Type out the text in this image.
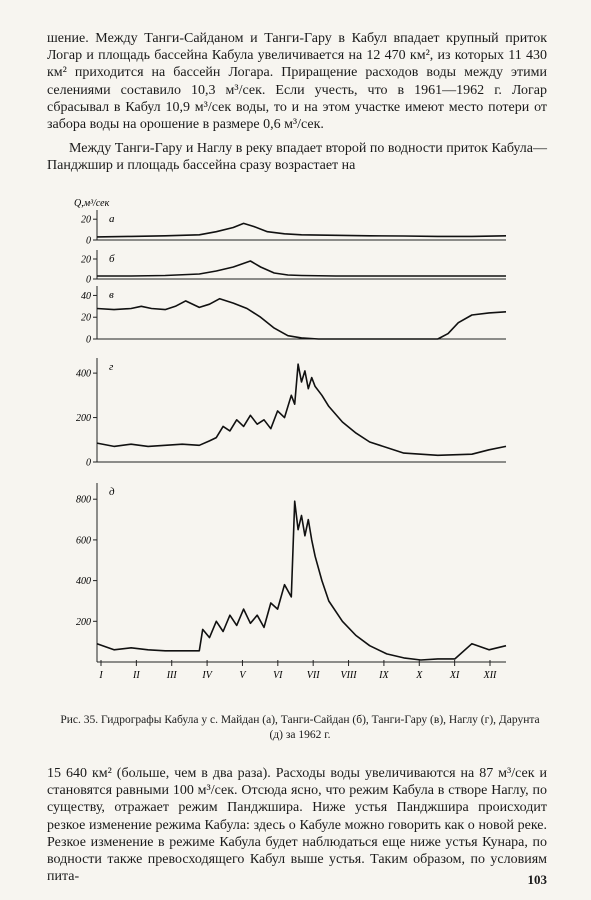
шение. Между Танги-Сайданом и Танги-Гару в Кабул впадает крупный приток Логар и площадь бассейна Кабула увеличивается на 12 470 км², из которых 11 430 км² приходится на бассейн Логара. Приращение расходов воды между этими селениями составило 10,3 м³/сек. Если учесть, что в 1961—1962 г. Логар сбрасывал в Кабул 10,9 м³/сек воды, то и на этом участке имеют место потери от забора воды на орошение в размере 0,6 м³/сек.

Между Танги-Гару и Наглу в реку впадает второй по водности приток Кабула—Панджшир и площадь бассейна сразу возрастает на

Q,м³/сек
0
20 а
0
20 б
0
20
40 в
0
200
400
г
200
400
600
800
д
I	II	III	IV	V	VI VII VIII IX	X	XI XII

Рис. 35. Гидрографы Кабула у с. Майдан (а), Танги-Сайдан (б), Танги-Гару (в), Наглу (г), Дарунта (д) за 1962 г.

15 640 км² (больше, чем в два раза). Расходы воды увеличиваются на 87 м³/сек и становятся равными 100 м³/сек. Отсюда ясно, что режим Кабула в створе Наглу, по существу, отражает режим Панджшира. Ниже устья Панджшира происходит резкое изменение режима Кабула: здесь о Кабуле можно говорить как о новой реке. Резкое изменение в режиме Кабула будет наблюдаться еще ниже устья Кунара, по водности также превосходящего Кабул выше устья. Таким образом, по условиям пита-	103
